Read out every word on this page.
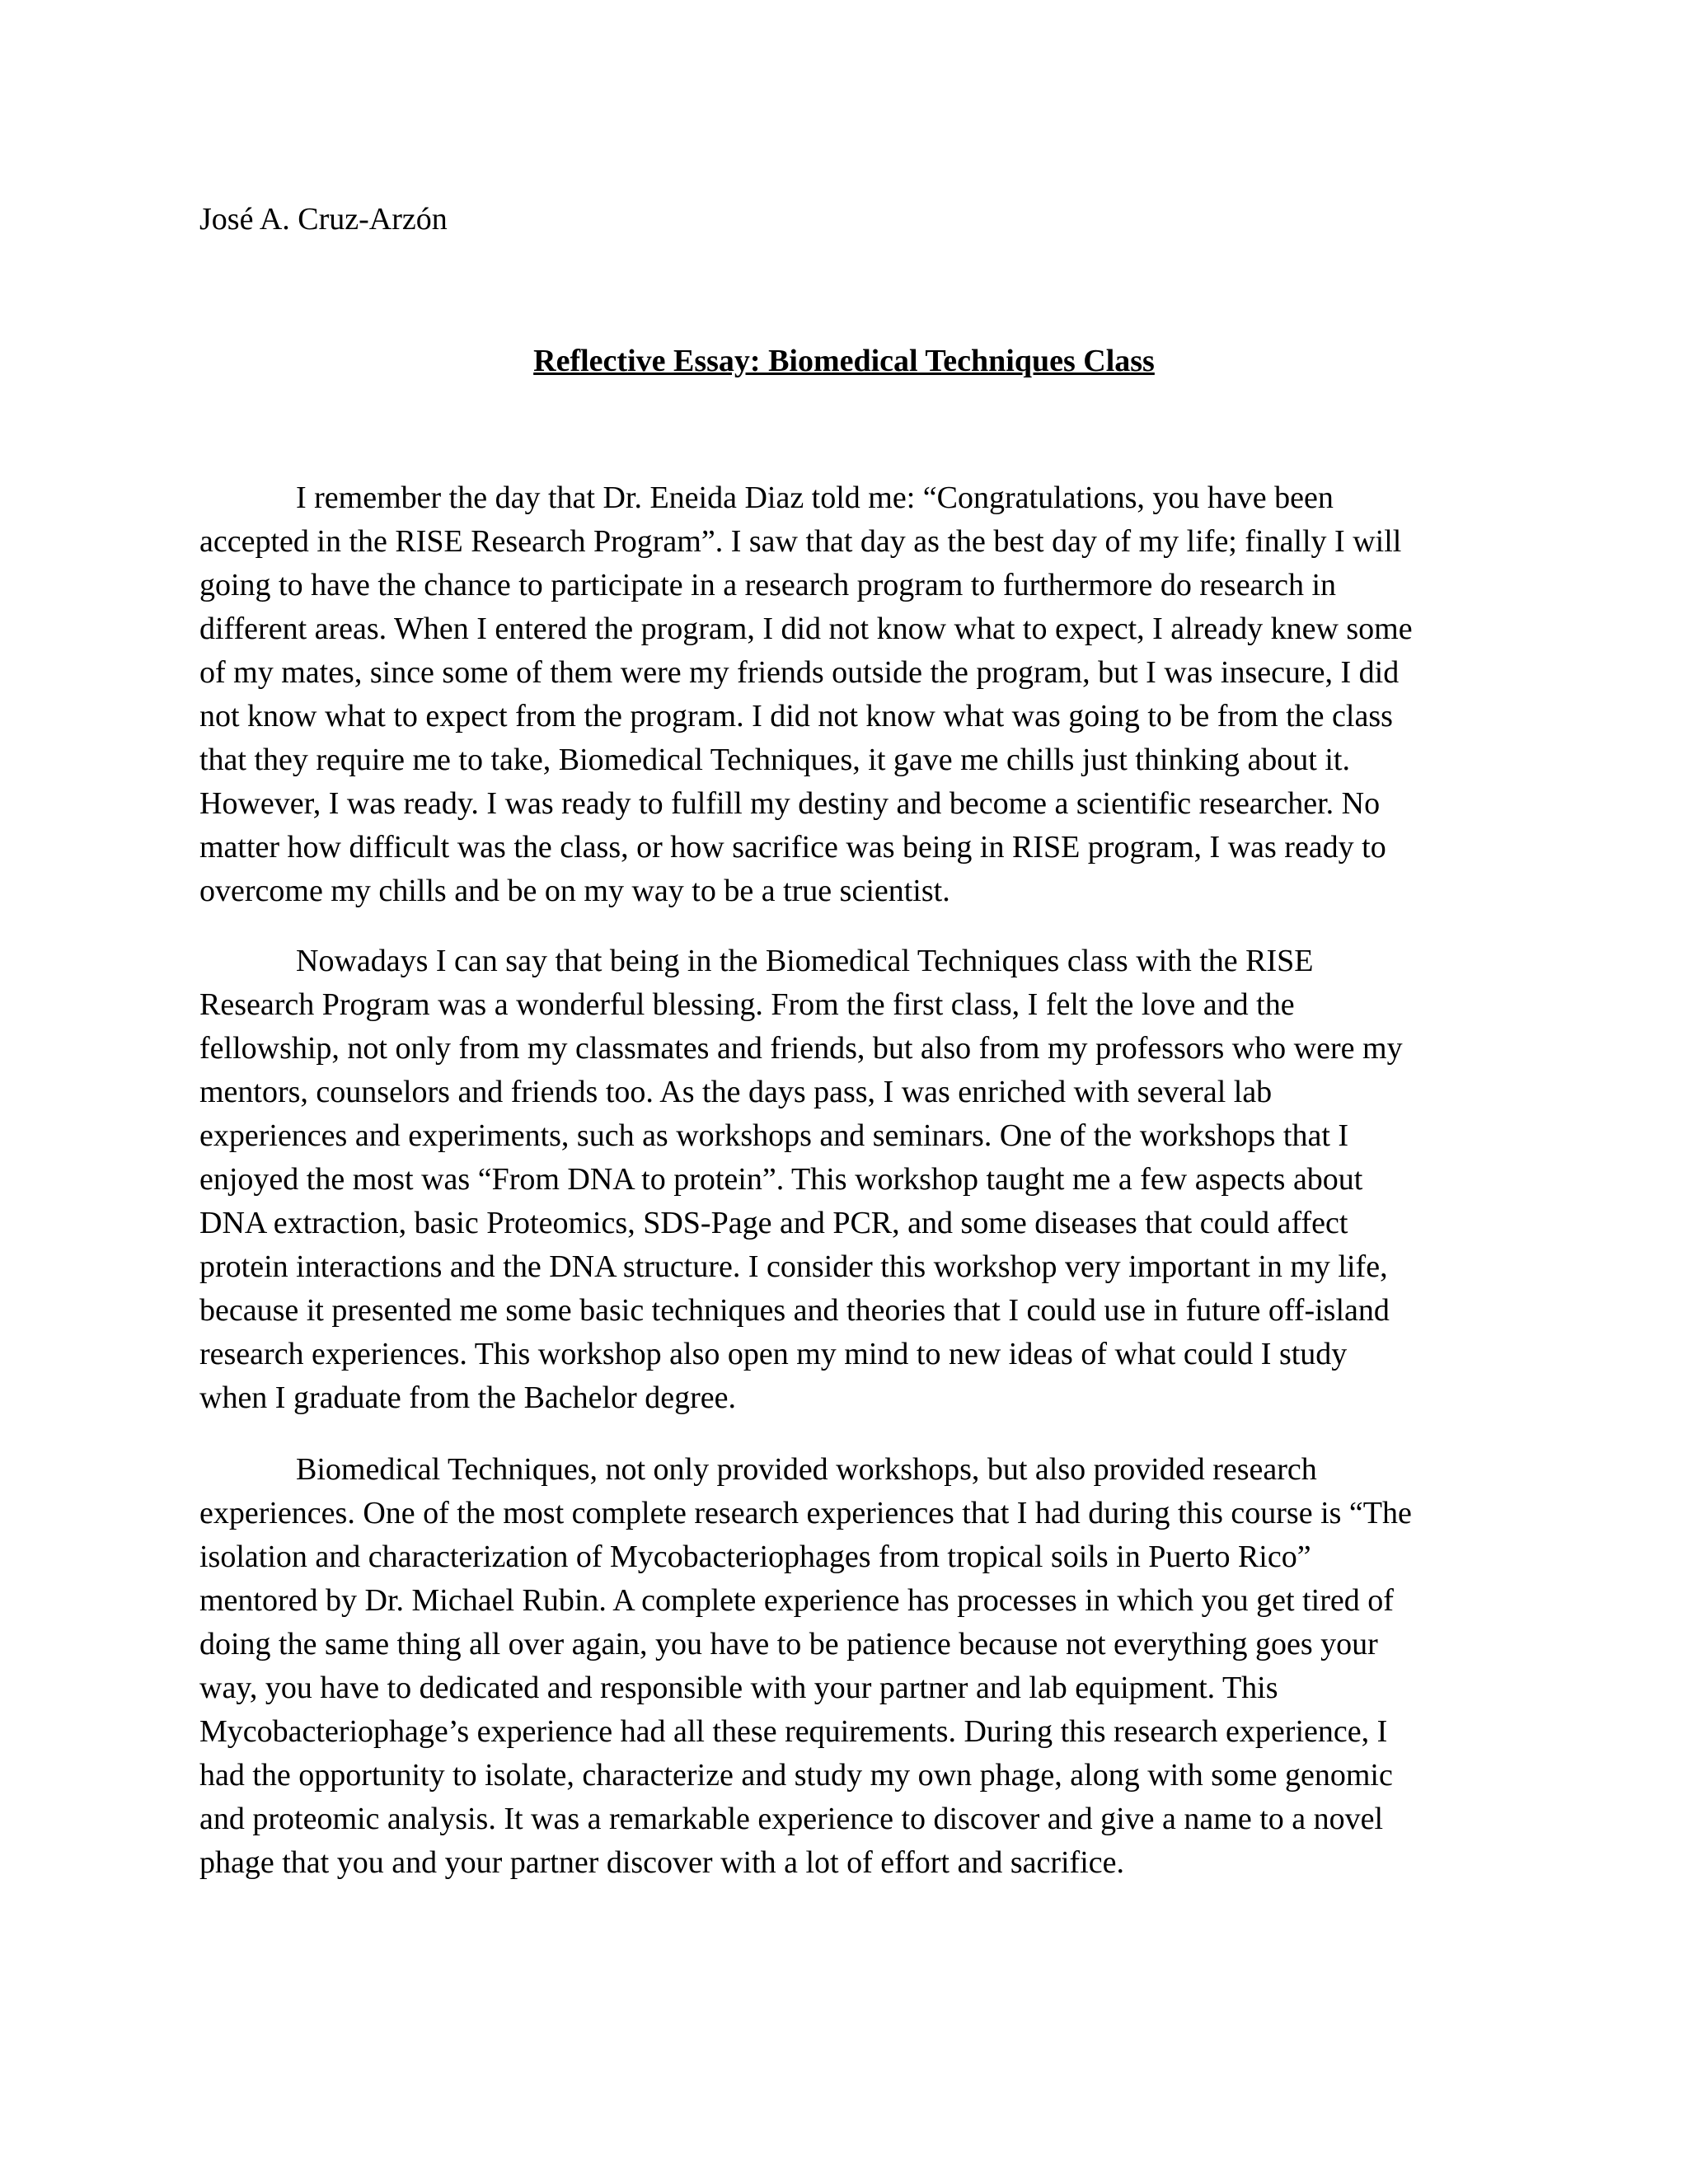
José A. Cruz-Arzón

Reflective Essay: Biomedical Techniques Class

I remember the day that Dr. Eneida Diaz told me: “Congratulations, you have been
accepted in the RISE Research Program”. I saw that day as the best day of my life; finally I will
going to have the chance to participate in a research program to furthermore do research in
different areas. When I entered the program, I did not know what to expect, I already knew some
of my mates, since some of them were my friends outside the program, but I was insecure, I did
not know what to expect from the program. I did not know what was going to be from the class
that they require me to take, Biomedical Techniques, it gave me chills just thinking about it.
However, I was ready. I was ready to fulfill my destiny and become a scientific researcher. No
matter how difficult was the class, or how sacrifice was being in RISE program, I was ready to
overcome my chills and be on my way to be a true scientist.
Nowadays I can say that being in the Biomedical Techniques class with the RISE
Research Program was a wonderful blessing. From the first class, I felt the love and the
fellowship, not only from my classmates and friends, but also from my professors who were my
mentors, counselors and friends too. As the days pass, I was enriched with several lab
experiences and experiments, such as workshops and seminars. One of the workshops that I
enjoyed the most was “From DNA to protein”. This workshop taught me a few aspects about
DNA extraction, basic Proteomics, SDS-Page and PCR, and some diseases that could affect
protein interactions and the DNA structure. I consider this workshop very important in my life,
because it presented me some basic techniques and theories that I could use in future off-island
research experiences. This workshop also open my mind to new ideas of what could I study
when I graduate from the Bachelor degree.
Biomedical Techniques, not only provided workshops, but also provided research
experiences. One of the most complete research experiences that I had during this course is “The
isolation and characterization of Mycobacteriophages from tropical soils in Puerto Rico”
mentored by Dr. Michael Rubin. A complete experience has processes in which you get tired of
doing the same thing all over again, you have to be patience because not everything goes your
way, you have to dedicated and responsible with your partner and lab equipment. This
Mycobacteriophage’s experience had all these requirements. During this research experience, I
had the opportunity to isolate, characterize and study my own phage, along with some genomic
and proteomic analysis. It was a remarkable experience to discover and give a name to a novel
phage that you and your partner discover with a lot of effort and sacrifice.
